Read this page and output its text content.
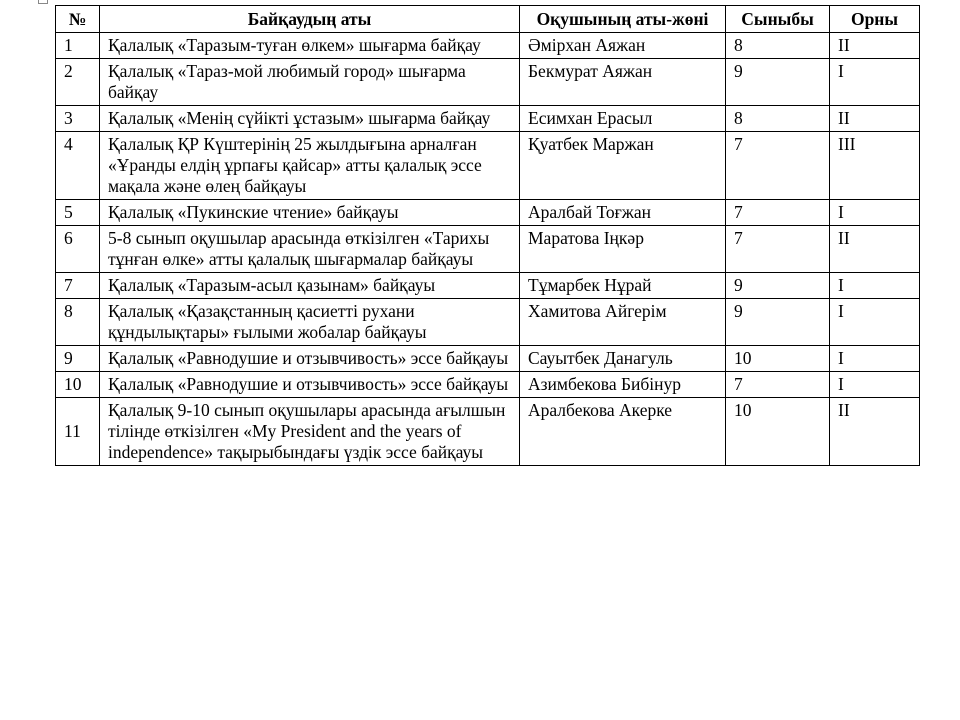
№	Байқаудың аты	Оқушының аты-жөні	Сыныбы	Орны
1	Қалалық «Таразым-туған өлкем» шығарма байқау	Әмірхан Аяжан	8	II
2	Қалалық «Тараз-мой любимый город» шығарма байқау	Бекмурат Аяжан	9	I
3	Қалалық «Менің сүйікті ұстазым» шығарма байқау	Есимхан Ерасыл	8	II
4	Қалалық ҚР Күштерінің 25 жылдығына арналған «Ұранды елдің ұрпағы қайсар» атты қалалық эссе мақала және өлең байқауы	Қуатбек Маржан	7	III
5	Қалалық «Пукинские чтение» байқауы	Аралбай Тоғжан	7	I
6	5-8 сынып оқушылар арасында өткізілген «Тарихы тұнған өлке» атты қалалық шығармалар байқауы	Маратова Іңкәр	7	II
7	Қалалық «Таразым-асыл қазынам» байқауы	Тұмарбек Нұрай	9	I
8	Қалалық «Қазақстанның қасиетті рухани құндылықтары» ғылыми жобалар байқауы	Хамитова Айгерім	9	I
9	Қалалық «Равнодушие и отзывчивость» эссе байқауы	Сауытбек Данагуль	10	I
10	Қалалық «Равнодушие и отзывчивость» эссе байқауы	Азимбекова Бибінур	7	I
11	Қалалық 9-10 сынып оқушылары арасында ағылшын тілінде өткізілген «My President and the years of independence» тақырыбындағы үздік эссе байқауы	Аралбекова Акерке	10	II
